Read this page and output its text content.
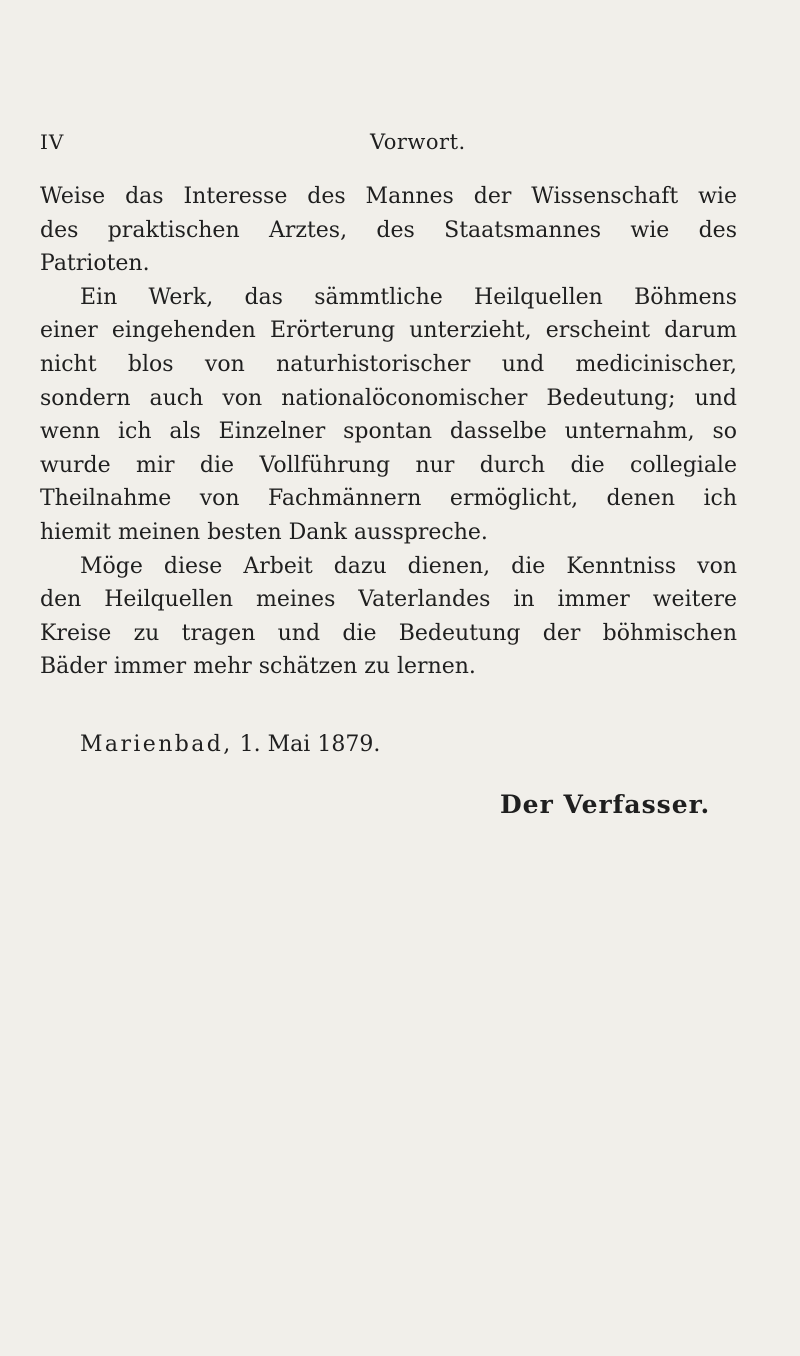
IV	Vorwort.
Weise das Interesse des Mannes der Wissenschaft wie
des praktischen Arztes, des Staatsmannes wie des
Patrioten.
Ein Werk, das sämmtliche Heilquellen Böhmens
einer eingehenden Erörterung unterzieht, erscheint darum
nicht blos von naturhistorischer und medicinischer,
sondern auch von nationalöconomischer Bedeutung; und
wenn ich als Einzelner spontan dasselbe unternahm, so
wurde mir die Vollführung nur durch die collegiale
Theilnahme von Fachmännern ermöglicht, denen ich
hiemit meinen besten Dank ausspreche.
Möge diese Arbeit dazu dienen, die Kenntniss von
den Heilquellen meines Vaterlandes in immer weitere
Kreise zu tragen und die Bedeutung der böhmischen
Bäder immer mehr schätzen zu lernen.
Marienbad, 1. Mai 1879.
Der Verfasser.
